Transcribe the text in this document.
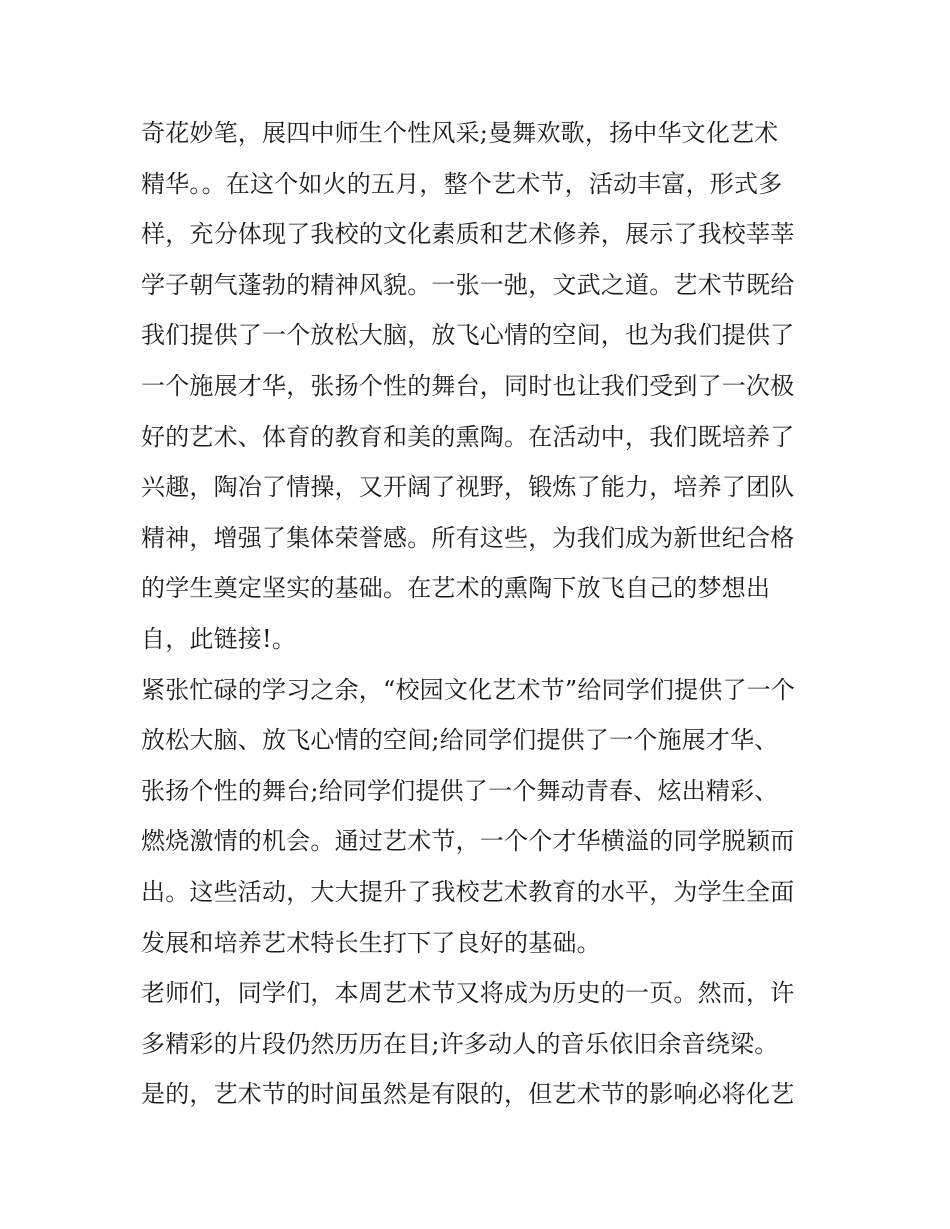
奇花妙笔，展四中师生个性风采;曼舞欢歌，扬中华文化艺术
精华。。在这个如火的五月，整个艺术节，活动丰富，形式多
样，充分体现了我校的文化素质和艺术修养，展示了我校莘莘
学子朝气蓬勃的精神风貌。一张一弛，文武之道。艺术节既给
我们提供了一个放松大脑，放飞心情的空间，也为我们提供了
一个施展才华，张扬个性的舞台，同时也让我们受到了一次极
好的艺术、体育的教育和美的熏陶。在活动中，我们既培养了
兴趣，陶冶了情操，又开阔了视野，锻炼了能力，培养了团队
精神，增强了集体荣誉感。所有这些，为我们成为新世纪合格
的学生奠定坚实的基础。在艺术的熏陶下放飞自己的梦想出
自，此链接!。
紧张忙碌的学习之余，“校园文化艺术节”给同学们提供了一个
放松大脑、放飞心情的空间;给同学们提供了一个施展才华、
张扬个性的舞台;给同学们提供了一个舞动青春、炫出精彩、
燃烧激情的机会。通过艺术节，一个个才华横溢的同学脱颖而
出。这些活动，大大提升了我校艺术教育的水平，为学生全面
发展和培养艺术特长生打下了良好的基础。
老师们，同学们，本周艺术节又将成为历史的一页。然而，许
多精彩的片段仍然历历在目;许多动人的音乐依旧余音绕梁。
是的，艺术节的时间虽然是有限的，但艺术节的影响必将化艺
